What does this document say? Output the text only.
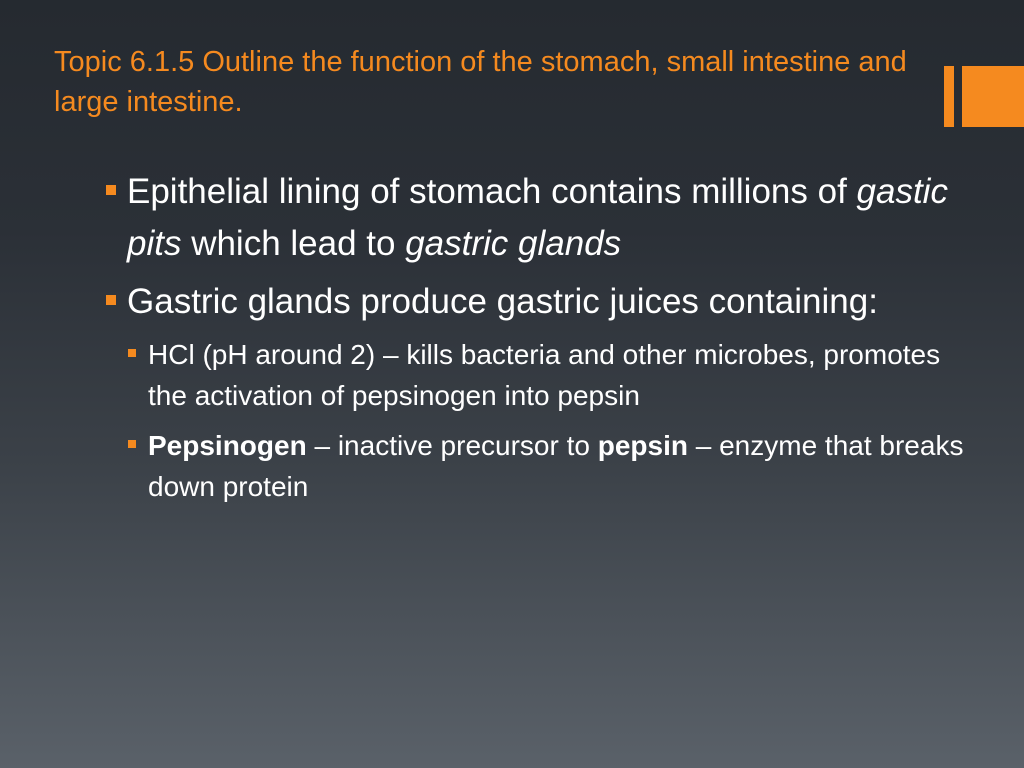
Topic 6.1.5 Outline the function of the stomach, small intestine and large intestine.

Epithelial lining of stomach contains millions of gastic pits which lead to gastric glands

Gastric glands produce gastric juices containing:

HCl (pH around 2) – kills bacteria and other microbes, promotes the activation of pepsinogen into pepsin

Pepsinogen – inactive precursor to pepsin – enzyme that breaks down protein
